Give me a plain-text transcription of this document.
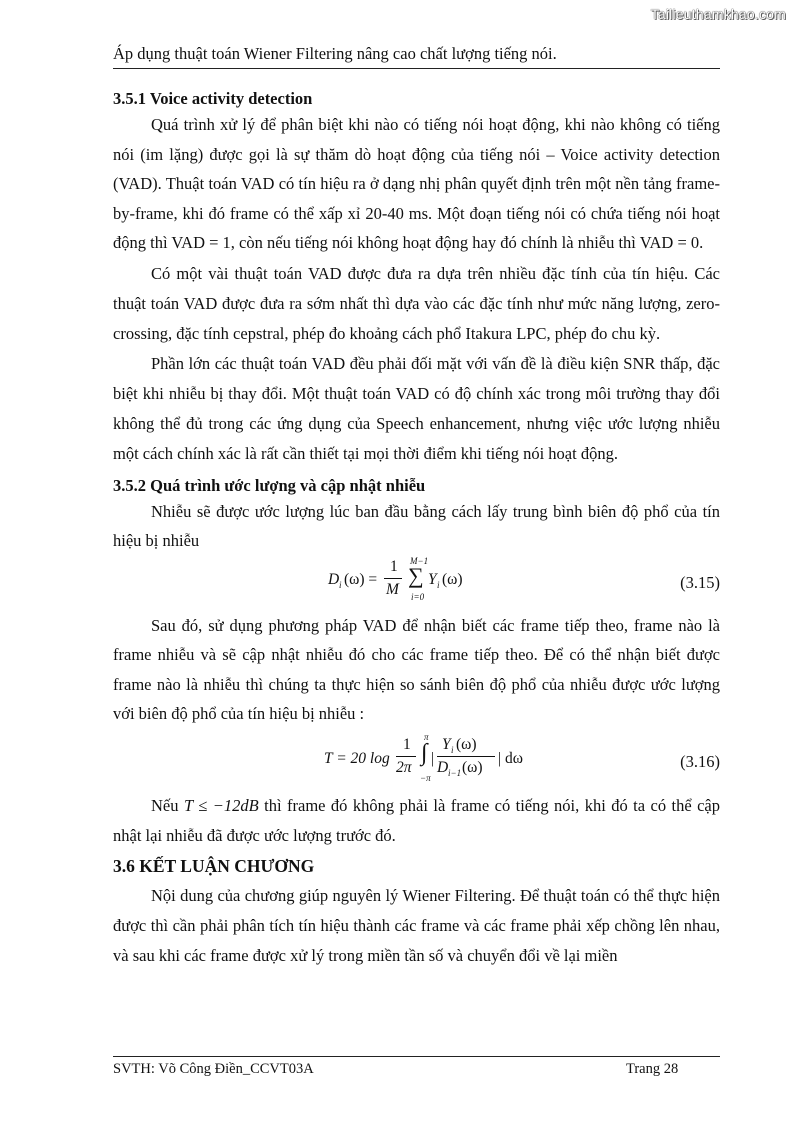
Tailieuthamkhao.com
Áp dụng thuật toán Wiener Filtering nâng cao chất lượng tiếng nói.
3.5.1 Voice activity detection

Quá trình xử lý để phân biệt khi nào có tiếng nói hoạt động, khi nào không có tiếng nói (im lặng) được gọi là sự thăm dò hoạt động của tiếng nói – Voice activity detection (VAD). Thuật toán VAD có tín hiệu ra ở dạng nhị phân quyết định trên một nền tảng frame-by-frame, khi đó frame có thể xấp xỉ 20-40 ms. Một đoạn tiếng nói có chứa tiếng nói hoạt động thì VAD = 1, còn nếu tiếng nói không hoạt động hay đó chính là nhiễu thì VAD = 0.

Có một vài thuật toán VAD được đưa ra dựa trên nhiều đặc tính của tín hiệu. Các thuật toán VAD được đưa ra sớm nhất thì dựa vào các đặc tính như mức năng lượng, zero-crossing, đặc tính cepstral, phép đo khoảng cách phổ Itakura LPC, phép đo chu kỳ.

Phần lớn các thuật toán VAD đều phải đối mặt với vấn đề là điều kiện SNR thấp, đặc biệt khi nhiễu bị thay đổi. Một thuật toán VAD có độ chính xác trong môi trường thay đổi không thể đủ trong các ứng dụng của Speech enhancement, nhưng việc ước lượng nhiễu một cách chính xác là rất cần thiết tại mọi thời điểm khi tiếng nói hoạt động.

3.5.2 Quá trình ước lượng và cập nhật nhiễu

Nhiễu sẽ được ước lượng lúc ban đầu bằng cách lấy trung bình biên độ phổ của tín hiệu bị nhiễu

D i (ω) =
1
M
M−1
∑
i=0
Y i (ω)	(3.15)

Sau đó, sử dụng phương pháp VAD để nhận biết các frame tiếp theo, frame nào là frame nhiễu và sẽ cập nhật nhiễu đó cho các frame tiếp theo. Để có thể nhận biết được frame nào là nhiễu thì chúng ta thực hiện so sánh biên độ phổ của nhiễu được ước lượng với biên độ phổ của tín hiệu bị nhiễu :

T = 20 log
1
2π
π
∫
−π
|
Y i (ω)
D i−1 (ω)
| dω	(3.16)

Nếu T ≤ −12dB thì frame đó không phải là frame có tiếng nói, khi đó ta có thể cập nhật lại nhiễu đã được ước lượng trước đó.

3.6 KẾT LUẬN CHƯƠNG

Nội dung của chương giúp nguyên lý Wiener Filtering. Để thuật toán có thể thực hiện được thì cần phải phân tích tín hiệu thành các frame và các frame phải xếp chồng lên nhau, và sau khi các frame được xử lý trong miền tần số và chuyển đổi về lại miền

SVTH: Võ Công Điền_CCVT03A	Trang 28
